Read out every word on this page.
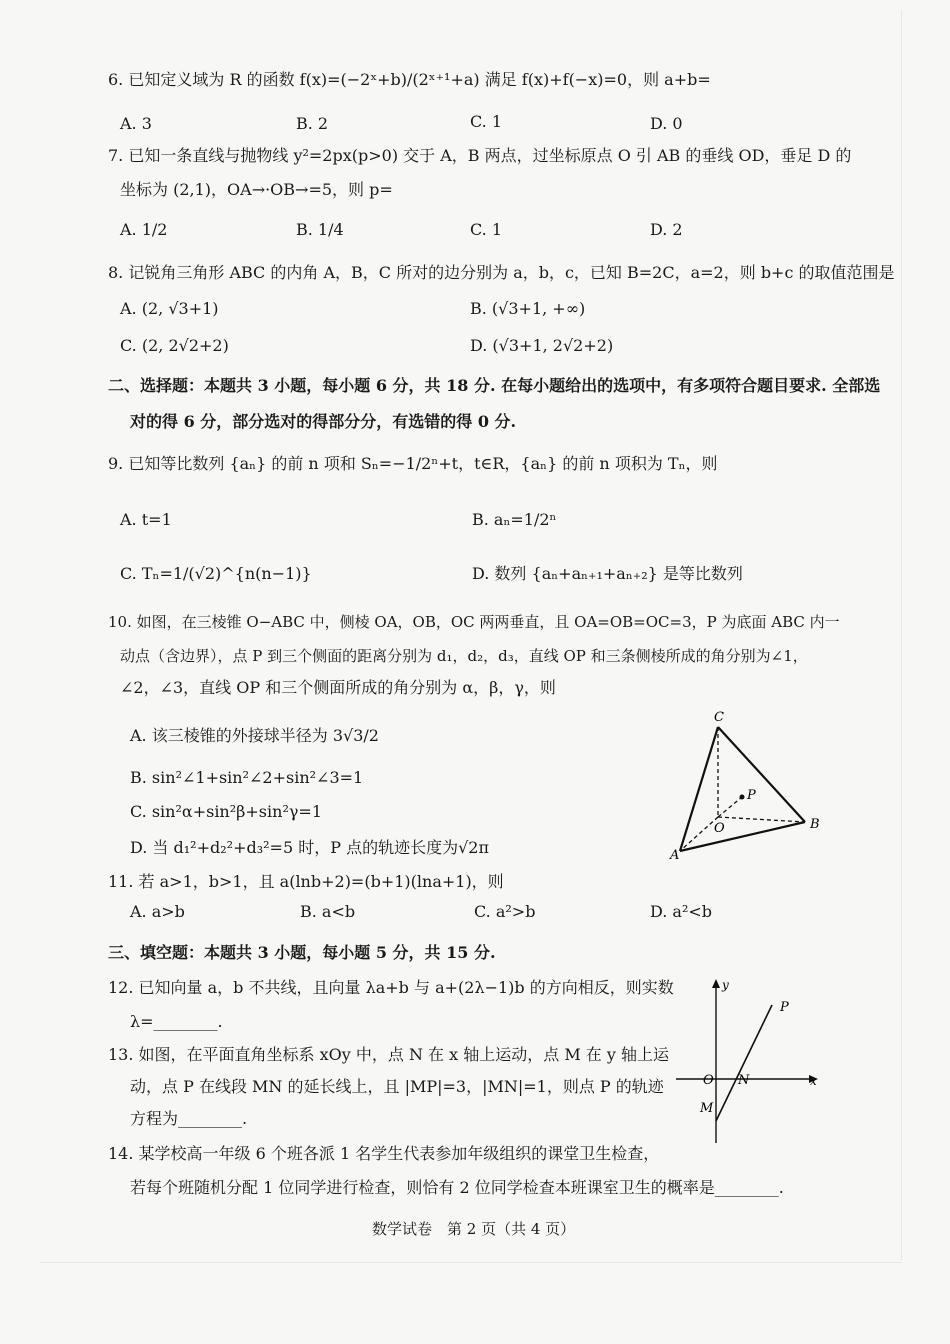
6. 已知定义域为 R 的函数 f(x)=(−2ˣ+b)/(2ˣ⁺¹+a) 满足 f(x)+f(−x)=0，则 a+b=
A. 3	B. 2	C. 1	D. 0
7. 已知一条直线与抛物线 y²=2px(p>0) 交于 A，B 两点，过坐标原点 O 引 AB 的垂线 OD，垂足 D 的
坐标为 (2,1)，OA→·OB→=5，则 p=
A. 1/2	B. 1/4	C. 1	D. 2
8. 记锐角三角形 ABC 的内角 A，B，C 所对的边分别为 a，b，c，已知 B=2C，a=2，则 b+c 的取值范围是
A. (2, √3+1)	B. (√3+1, +∞)
C. (2, 2√2+2)	D. (√3+1, 2√2+2)
二、选择题：本题共 3 小题，每小题 6 分，共 18 分. 在每小题给出的选项中，有多项符合题目要求. 全部选
对的得 6 分，部分选对的得部分分，有选错的得 0 分.
9. 已知等比数列 {aₙ} 的前 n 项和 Sₙ=−1/2ⁿ+t，t∈R，{aₙ} 的前 n 项积为 Tₙ，则
A. t=1	B. aₙ=1/2ⁿ
C. Tₙ=1/(√2)^{n(n−1)}	D. 数列 {aₙ+aₙ₊₁+aₙ₊₂} 是等比数列
10. 如图，在三棱锥 O−ABC 中，侧棱 OA，OB，OC 两两垂直，且 OA=OB=OC=3，P 为底面 ABC 内一
动点（含边界），点 P 到三个侧面的距离分别为 d₁，d₂，d₃，直线 OP 和三条侧棱所成的角分别为∠1，
∠2，∠3，直线 OP 和三个侧面所成的角分别为 α，β，γ，则
A. 该三棱锥的外接球半径为 3√3/2
B. sin²∠1+sin²∠2+sin²∠3=1
C. sin²α+sin²β+sin²γ=1
D. 当 d₁²+d₂²+d₃²=5 时，P 点的轨迹长度为√2π
C
P
O	B
A
11. 若 a>1，b>1，且 a(lnb+2)=(b+1)(lna+1)，则
A. a>b	B. a<b	C. a²>b	D. a²<b
三、填空题：本题共 3 小题，每小题 5 分，共 15 分.
12. 已知向量 a，b 不共线，且向量 λa+b 与 a+(2λ−1)b 的方向相反，则实数
λ=________.
13. 如图，在平面直角坐标系 xOy 中，点 N 在 x 轴上运动，点 M 在 y 轴上运
动，点 P 在线段 MN 的延长线上，且 |MP|=3，|MN|=1，则点 P 的轨迹
方程为________.
y
P
O N	x
M
14. 某学校高一年级 6 个班各派 1 名学生代表参加年级组织的课堂卫生检查，
若每个班随机分配 1 位同学进行检查，则恰有 2 位同学检查本班课室卫生的概率是________.
数学试卷　第 2 页（共 4 页）
